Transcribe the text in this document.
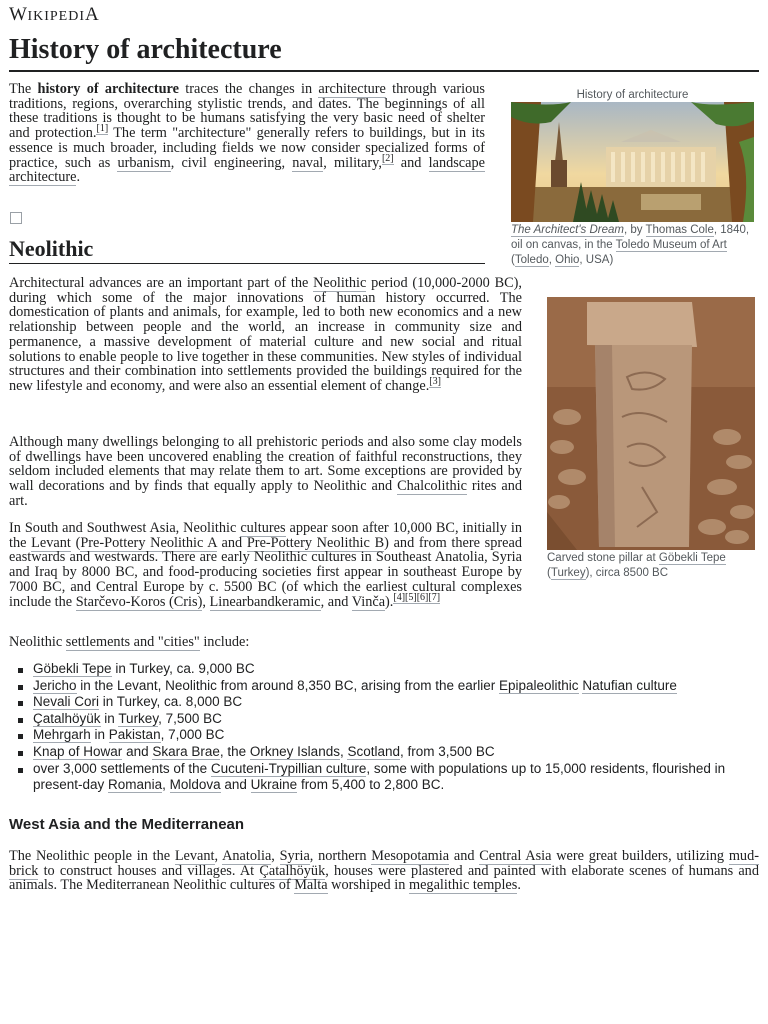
WIKIPEDIA
History of architecture

The history of architecture traces the changes in architecture through various traditions, regions, overarching stylistic trends, and dates. The beginnings of all these traditions is thought to be humans satisfying the very basic need of shelter and protection.[1] The term "architecture" generally refers to buildings, but in its essence is much broader, including fields we now consider specialized forms of practice, such as urbanism, civil engineering, naval, military,[2] and landscape architecture.

Neolithic

Architectural advances are an important part of the Neolithic period (10,000-2000 BC), during which some of the major innovations of human history occurred. The domestication of plants and animals, for example, led to both new economics and a new relationship between people and the world, an increase in community size and permanence, a massive development of material culture and new social and ritual solutions to enable people to live together in these communities. New styles of individual structures and their combination into settlements provided the buildings required for the new lifestyle and economy, and were also an essential element of change.[3]

Although many dwellings belonging to all prehistoric periods and also some clay models of dwellings have been uncovered enabling the creation of faithful reconstructions, they seldom included elements that may relate them to art. Some exceptions are provided by wall decorations and by finds that equally apply to Neolithic and Chalcolithic rites and art.

In South and Southwest Asia, Neolithic cultures appear soon after 10,000 BC, initially in the Levant (Pre-Pottery Neolithic A and Pre-Pottery Neolithic B) and from there spread eastwards and westwards. There are early Neolithic cultures in Southeast Anatolia, Syria and Iraq by 8000 BC, and food-producing societies first appear in southeast Europe by 7000 BC, and Central Europe by c. 5500 BC (of which the earliest cultural complexes include the Starčevo-Koros (Cris), Linearbandkeramic, and Vinča).[4][5][6][7]

Neolithic settlements and "cities" include:

Göbekli Tepe in Turkey, ca. 9,000 BC
Jericho in the Levant, Neolithic from around 8,350 BC, arising from the earlier Epipaleolithic Natufian culture
Nevali Cori in Turkey, ca. 8,000 BC
Çatalhöyük in Turkey, 7,500 BC
Mehrgarh in Pakistan, 7,000 BC
Knap of Howar and Skara Brae, the Orkney Islands, Scotland, from 3,500 BC
over 3,000 settlements of the Cucuteni-Trypillian culture, some with populations up to 15,000 residents, flourished in present-day Romania, Moldova and Ukraine from 5,400 to 2,800 BC.
West Asia and the Mediterranean

The Neolithic people in the Levant, Anatolia, Syria, northern Mesopotamia and Central Asia were great builders, utilizing mud-brick to construct houses and villages. At Çatalhöyük, houses were plastered and painted with elaborate scenes of humans and animals. The Mediterranean Neolithic cultures of Malta worshiped in megalithic temples.

History of architecture
The Architect's Dream, by Thomas Cole, 1840, oil on canvas, in the Toledo Museum of Art (Toledo, Ohio, USA)
Carved stone pillar at Göbekli Tepe (Turkey), circa 8500 BC
